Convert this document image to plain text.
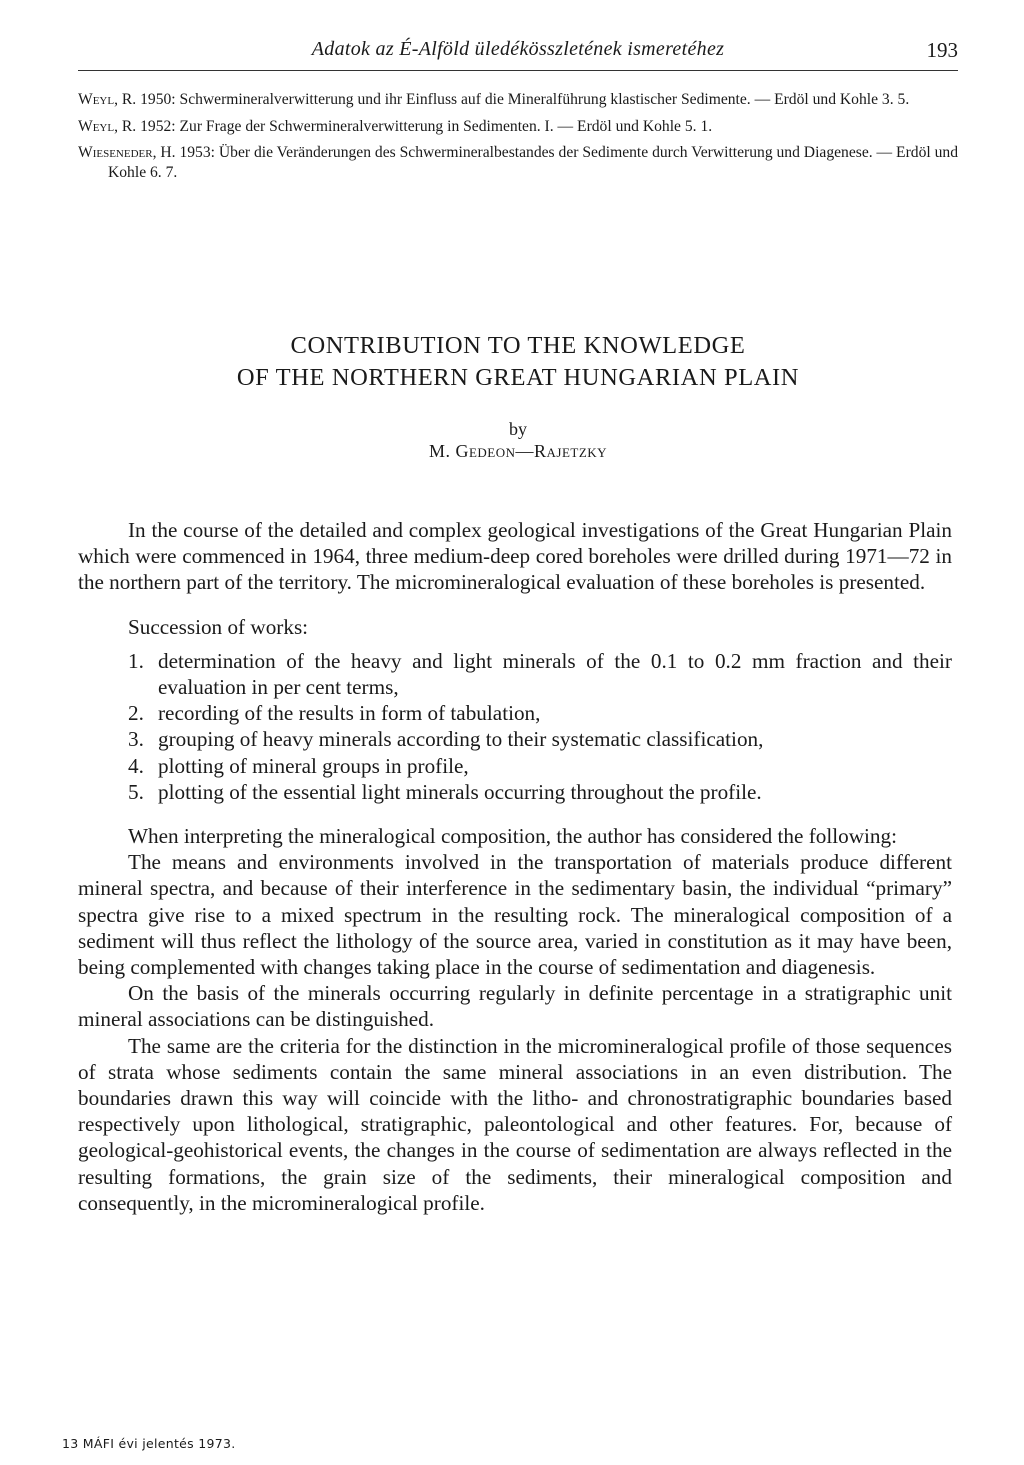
Adatok az É-Alföld üledékösszletének ismeretéhez	193

Weyl, R. 1950: Schwermineralverwitterung und ihr Einfluss auf die Mineralführung klastischer Sedimente. — Erdöl und Kohle 3. 5.

Weyl, R. 1952: Zur Frage der Schwermineralverwitterung in Sedimenten. I. — Erdöl und Kohle 5. 1.

Wieseneder, H. 1953: Über die Veränderungen des Schwermineralbestandes der Sedimente durch Verwitterung und Diagenese. — Erdöl und Kohle 6. 7.

CONTRIBUTION TO THE KNOWLEDGE
OF THE NORTHERN GREAT HUNGARIAN PLAIN
by
M. Gedeon—Rajetzky

In the course of the detailed and complex geological investigations of the Great Hungarian Plain which were commenced in 1964, three medium-deep cored boreholes were drilled during 1971—72 in the northern part of the territory. The micromineralogical evaluation of these boreholes is presented.

Succession of works:

1. determination of the heavy and light minerals of the 0.1 to 0.2 mm fraction and their evaluation in per cent terms,
2. recording of the results in form of tabulation,
3. grouping of heavy minerals according to their systematic classification,
4. plotting of mineral groups in profile,
5. plotting of the essential light minerals occurring throughout the profile.

When interpreting the mineralogical composition, the author has considered the following:

The means and environments involved in the transportation of materials produce different mineral spectra, and because of their interference in the sedimentary basin, the individual “primary” spectra give rise to a mixed spectrum in the resulting rock. The mineralogical composition of a sediment will thus reflect the lithology of the source area, varied in constitution as it may have been, being complemented with changes taking place in the course of sedimentation and diagenesis.

On the basis of the minerals occurring regularly in definite percentage in a stratigraphic unit mineral associations can be distinguished.

The same are the criteria for the distinction in the micromineralogical profile of those sequences of strata whose sediments contain the same mineral associations in an even distribution. The boundaries drawn this way will coincide with the litho- and chronostratigraphic boundaries based respectively upon lithological, stratigraphic, paleontological and other features. For, because of geological-geohistorical events, the changes in the course of sedimentation are always reflected in the resulting formations, the grain size of the sediments, their mineralogical composition and consequently, in the micromineralogical profile.

13 MÁFI évi jelentés 1973.
